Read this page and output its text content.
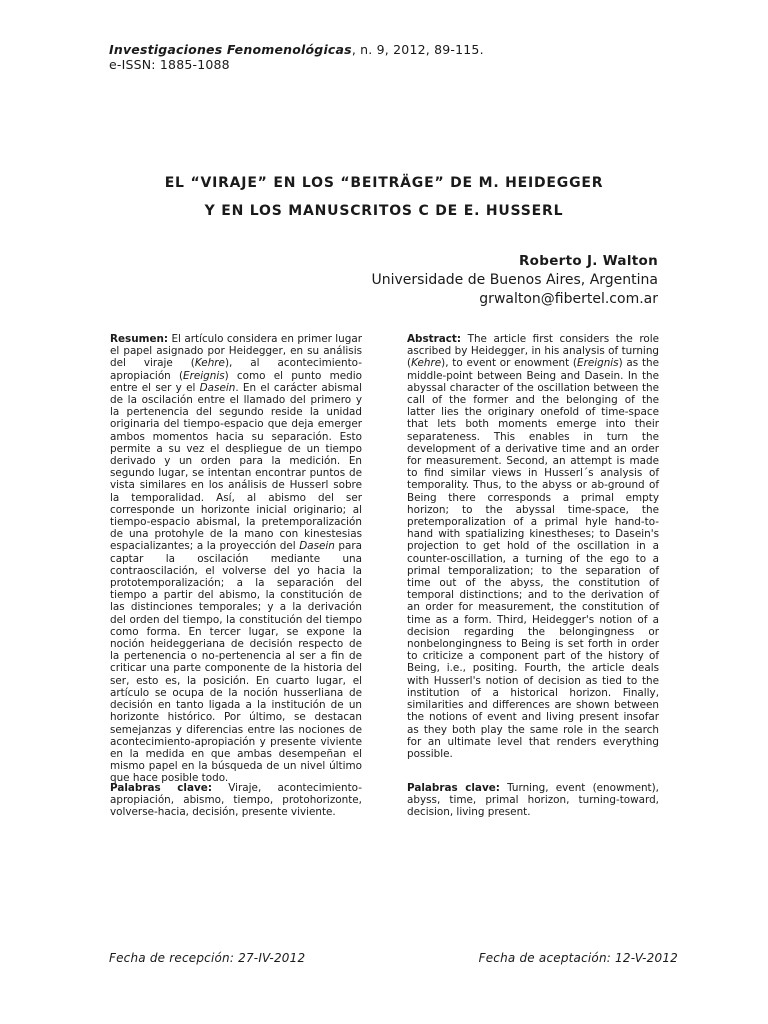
Investigaciones Fenomenológicas, n. 9, 2012, 89-115.
e-ISSN: 1885-1088
EL “VIRAJE” EN LOS “BEITRÄGE” DE M. HEIDEGGER
Y EN LOS MANUSCRITOS C DE E. HUSSERL
Roberto J. Walton
Universidade de Buenos Aires, Argentina
grwalton@fibertel.com.ar
Resumen: El artículo considera en primer lugar el papel asignado por Heidegger, en su análisis del viraje (Kehre), al acontecimiento-apropiación (Ereignis) como el punto medio entre el ser y el Dasein. En el carácter abismal de la oscilación entre el llamado del primero y la pertenencia del segundo reside la unidad originaria del tiempo-espacio que deja emerger ambos momentos hacia su separación. Esto permite a su vez el despliegue de un tiempo derivado y un orden para la medición. En segundo lugar, se intentan encontrar puntos de vista similares en los análisis de Husserl sobre la temporalidad. Así, al abismo del ser corresponde un horizonte inicial originario; al tiempo-espacio abismal, la pretemporalización de una protohyle de la mano con kinestesias espacializantes; a la proyección del Dasein para captar la oscilación mediante una contraoscilación, el volverse del yo hacia la prototemporalización; a la separación del tiempo a partir del abismo, la constitución de las distinciones temporales; y a la derivación del orden del tiempo, la constitución del tiempo como forma. En tercer lugar, se expone la noción heideggeriana de decisión respecto de la pertenencia o no-pertenencia al ser a fin de criticar una parte componente de la historia del ser, esto es, la posición. En cuarto lugar, el artículo se ocupa de la noción husserliana de decisión en tanto ligada a la institución de un horizonte histórico. Por último, se destacan semejanzas y diferencias entre las nociones de acontecimiento-apropiación y presente viviente en la medida en que ambas desempeñan el mismo papel en la búsqueda de un nivel último que hace posible todo.
Abstract: The article first considers the role ascribed by Heidegger, in his analysis of turning (Kehre), to event or enowment (Ereignis) as the middle-point between Being and Dasein. In the abyssal character of the oscillation between the call of the former and the belonging of the latter lies the originary onefold of time-space that lets both moments emerge into their separateness. This enables in turn the development of a derivative time and an order for measurement. Second, an attempt is made to find similar views in Husserl´s analysis of temporality. Thus, to the abyss or ab-ground of Being there corresponds a primal empty horizon; to the abyssal time-space, the pretemporalization of a primal hyle hand-to-hand with spatializing kinestheses; to Dasein's projection to get hold of the oscillation in a counter-oscillation, a turning of the ego to a primal temporalization; to the separation of time out of the abyss, the constitution of temporal distinctions; and to the derivation of an order for measurement, the constitution of time as a form. Third, Heidegger's notion of a decision regarding the belongingness or nonbelongingness to Being is set forth in order to criticize a component part of the history of Being, i.e., positing. Fourth, the article deals with Husserl's notion of decision as tied to the institution of a historical horizon. Finally, similarities and differences are shown between the notions of event and living present insofar as they both play the same role in the search for an ultimate level that renders everything possible.
Palabras clave: Viraje, acontecimiento-apropiación, abismo, tiempo, protohorizonte, volverse-hacia, decisión, presente viviente.
Palabras clave: Turning, event (enowment), abyss, time, primal horizon, turning-toward, decision, living present.
Fecha de recepción: 27-IV-2012	Fecha de aceptación: 12-V-2012
